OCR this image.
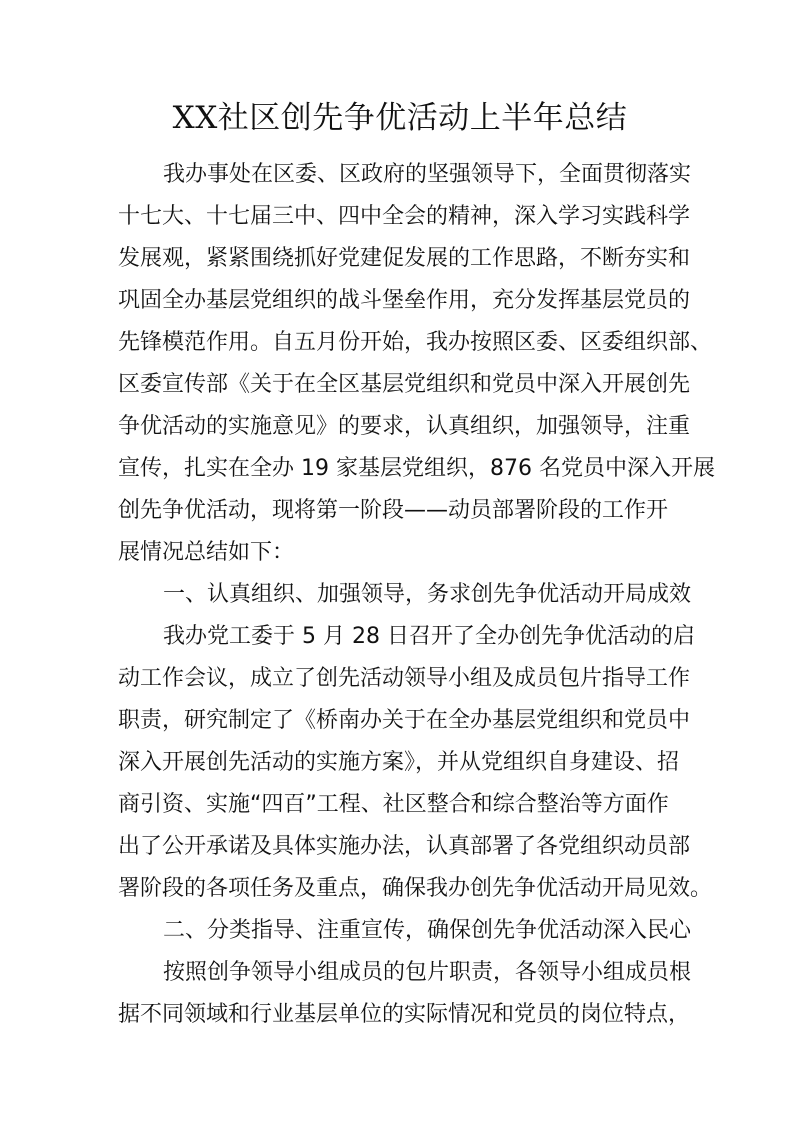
XX社区创先争优活动上半年总结
我办事处在区委、区政府的坚强领导下，全面贯彻落实
十七大、十七届三中、四中全会的精神，深入学习实践科学
发展观，紧紧围绕抓好党建促发展的工作思路，不断夯实和
巩固全办基层党组织的战斗堡垒作用，充分发挥基层党员的
先锋模范作用。自五月份开始，我办按照区委、区委组织部、
区委宣传部《关于在全区基层党组织和党员中深入开展创先
争优活动的实施意见》的要求，认真组织，加强领导，注重
宣传，扎实在全办 19 家基层党组织，876 名党员中深入开展
创先争优活动，现将第一阶段——动员部署阶段的工作开
展情况总结如下：
一、认真组织、加强领导，务求创先争优活动开局成效
我办党工委于 5 月 28 日召开了全办创先争优活动的启
动工作会议，成立了创先活动领导小组及成员包片指导工作
职责，研究制定了《桥南办关于在全办基层党组织和党员中
深入开展创先活动的实施方案》，并从党组织自身建设、招
商引资、实施“四百”工程、社区整合和综合整治等方面作
出了公开承诺及具体实施办法，认真部署了各党组织动员部
署阶段的各项任务及重点，确保我办创先争优活动开局见效。
二、分类指导、注重宣传，确保创先争优活动深入民心
按照创争领导小组成员的包片职责，各领导小组成员根
据不同领域和行业基层单位的实际情况和党员的岗位特点，
